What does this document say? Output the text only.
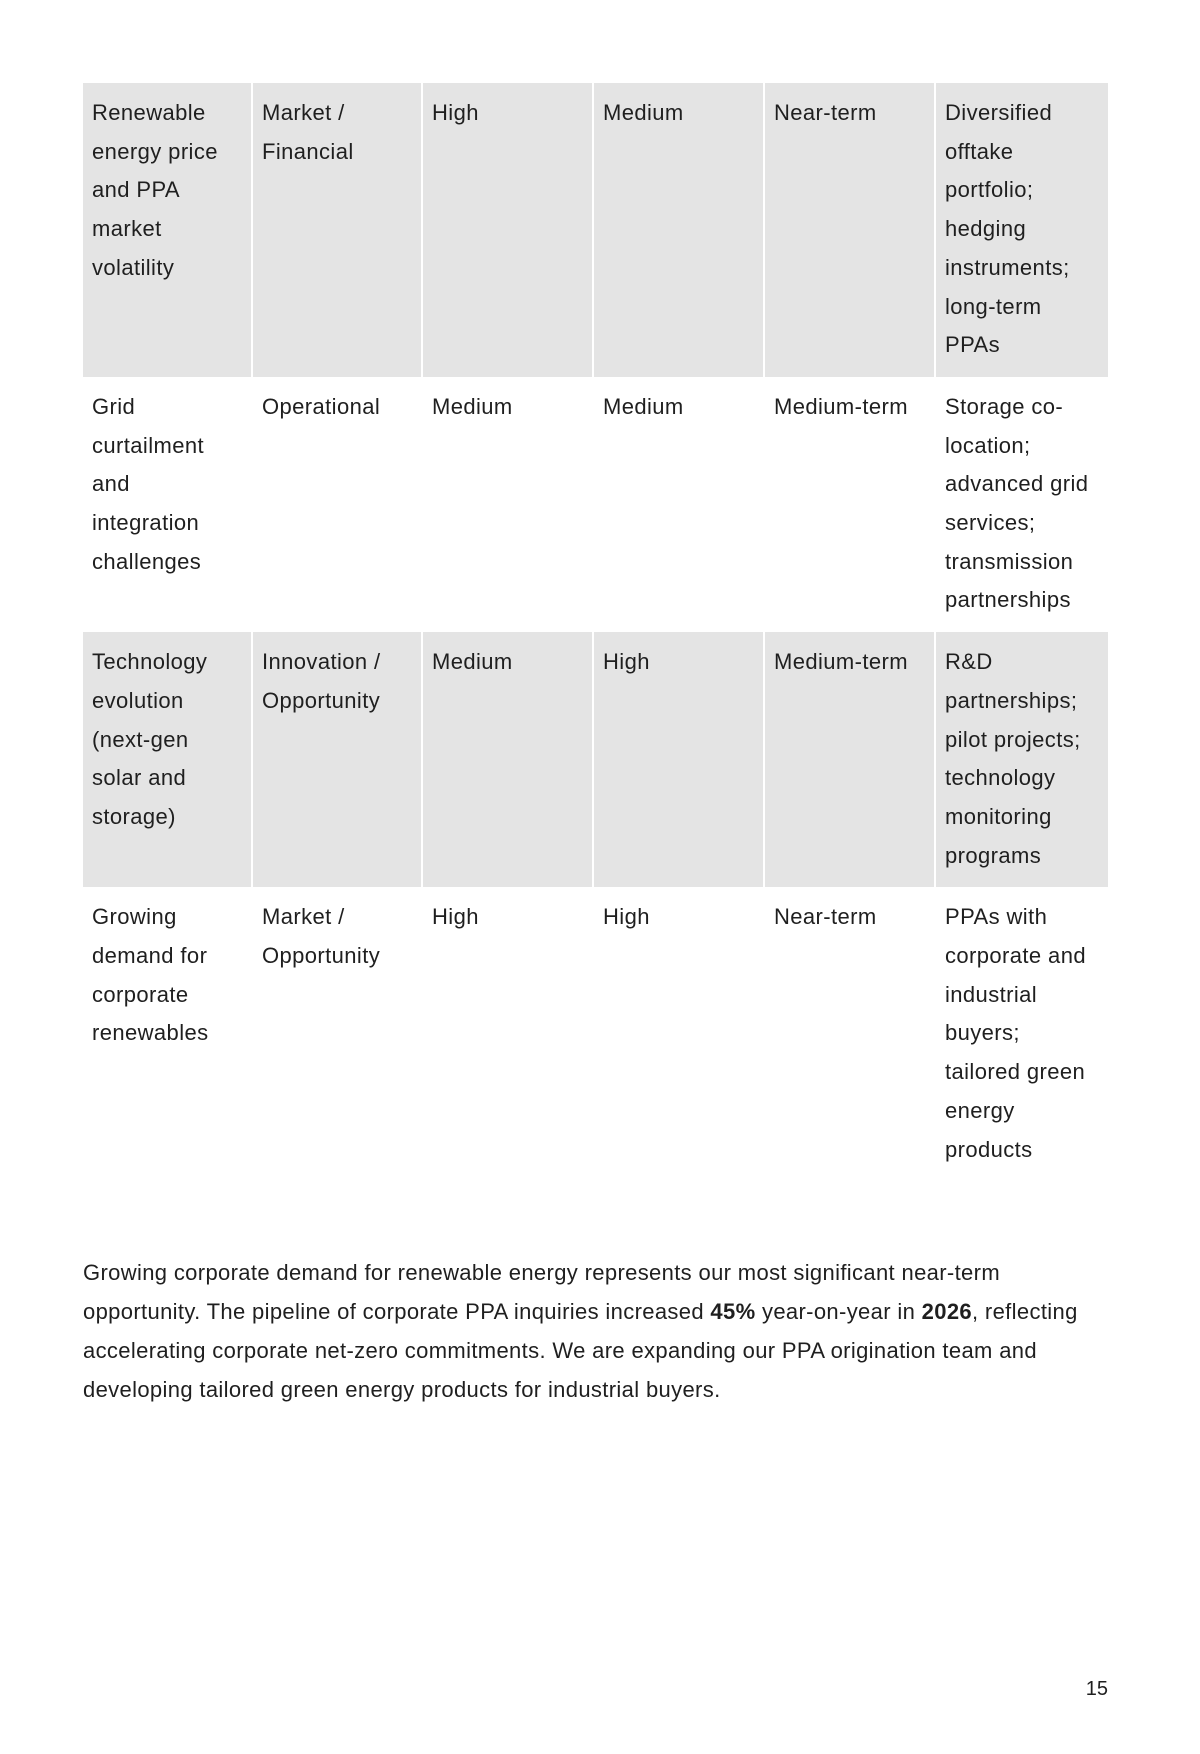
Renewable energy price and PPA market volatility	Market / Financial	High	Medium	Near-term	Diversified offtake portfolio; hedging instruments; long-term PPAs
Grid curtailment and integration challenges	Operational	Medium	Medium	Medium-term	Storage co-location; advanced grid services; transmission partnerships
Technology evolution (next-gen solar and storage)	Innovation / Opportunity	Medium	High	Medium-term	R&D partnerships; pilot projects; technology monitoring programs
Growing demand for corporate renewables	Market / Opportunity	High	High	Near-term	PPAs with corporate and industrial buyers; tailored green energy products

Growing corporate demand for renewable energy represents our most significant near-term opportunity. The pipeline of corporate PPA inquiries increased 45% year-on-year in 2026, reflecting accelerating corporate net-zero commitments. We are expanding our PPA origination team and developing tailored green energy products for industrial buyers.

15
